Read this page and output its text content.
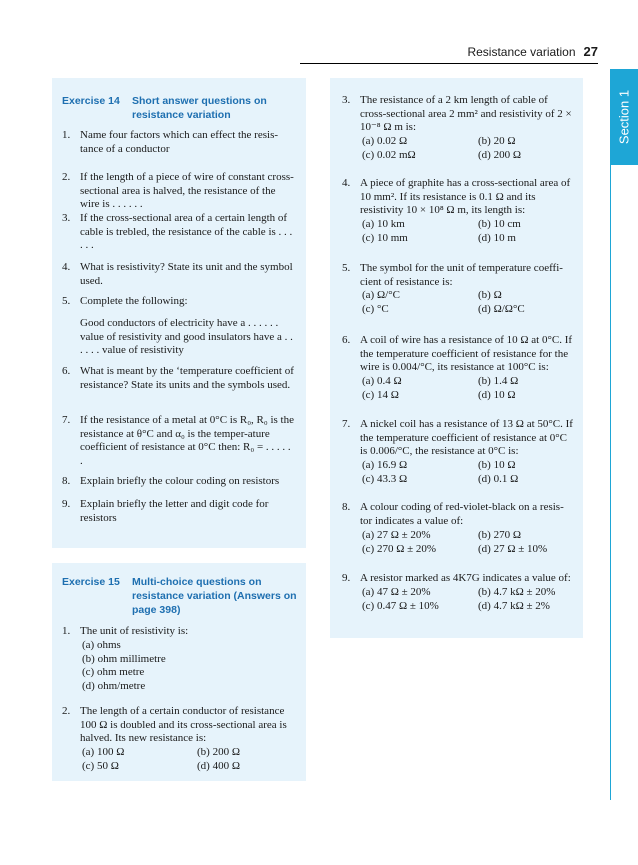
Resistance variation 27
Section 1
Exercise 14 Short answer questions on resistance variation
1. Name four factors which can effect the resis-tance of a conductor
2. If the length of a piece of wire of constant cross-sectional area is halved, the resistance of the wire is . . . . . .
3. If the cross-sectional area of a certain length of cable is trebled, the resistance of the cable is . . . . . .
4. What is resistivity? State its unit and the symbol used.
5. Complete the following:
Good conductors of electricity have a . . . . . . value of resistivity and good insulators have a . . . . . . value of resistivity
6. What is meant by the ‘temperature coefficient of resistance? State its units and the symbols used.
7. If the resistance of a metal at 0°C is R₀, R₀ is the resistance at θ°C and α₀ is the temper-ature coefficient of resistance at 0°C then: R₀ = . . . . . .
8. Explain briefly the colour coding on resistors
9. Explain briefly the letter and digit code for resistors
Exercise 15 Multi-choice questions on resistance variation (Answers on page 398)
1. The unit of resistivity is:
(a) ohms
(b) ohm millimetre
(c) ohm metre
(d) ohm/metre
2. The length of a certain conductor of resistance 100 Ω is doubled and its cross-sectional area is halved. Its new resistance is:
(a) 100 Ω	(b) 200 Ω
(c) 50 Ω	(d) 400 Ω
3. The resistance of a 2 km length of cable of cross-sectional area 2 mm² and resistivity of 2 × 10⁻⁸ Ω m is:
(a) 0.02 Ω	(b) 20 Ω
(c) 0.02 mΩ	(d) 200 Ω
4. A piece of graphite has a cross-sectional area of 10 mm². If its resistance is 0.1 Ω and its resistivity 10 × 10⁸ Ω m, its length is:
(a) 10 km	(b) 10 cm
(c) 10 mm	(d) 10 m
5. The symbol for the unit of temperature coeffi-cient of resistance is:
(a) Ω/°C	(b) Ω
(c) °C	(d) Ω/Ω°C
6. A coil of wire has a resistance of 10 Ω at 0°C. If the temperature coefficient of resistance for the wire is 0.004/°C, its resistance at 100°C is:
(a) 0.4 Ω	(b) 1.4 Ω
(c) 14 Ω	(d) 10 Ω
7. A nickel coil has a resistance of 13 Ω at 50°C. If the temperature coefficient of resistance at 0°C is 0.006/°C, the resistance at 0°C is:
(a) 16.9 Ω	(b) 10 Ω
(c) 43.3 Ω	(d) 0.1 Ω
8. A colour coding of red-violet-black on a resis-tor indicates a value of:
(a) 27 Ω ± 20%	(b) 270 Ω
(c) 270 Ω ± 20%	(d) 27 Ω ± 10%
9. A resistor marked as 4K7G indicates a value of:
(a) 47 Ω ± 20%	(b) 4.7 kΩ ± 20%
(c) 0.47 Ω ± 10%	(d) 4.7 kΩ ± 2%
